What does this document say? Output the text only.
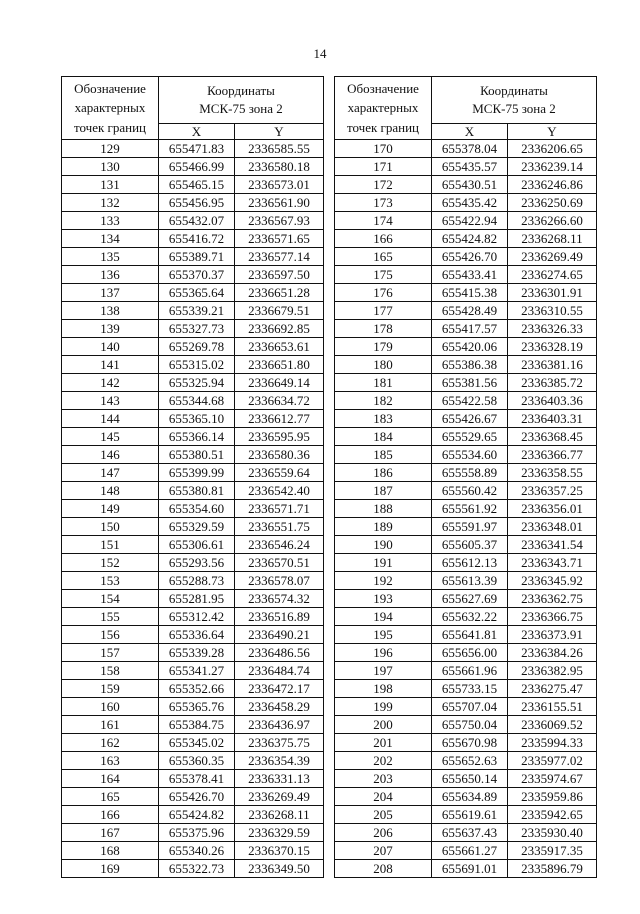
14
Обозначение
характерных
точек границ	Координаты
МСК-75 зона 2	

	X	Y
129	655471.83	2336585.55
130	655466.99	2336580.18
131	655465.15	2336573.01
132	655456.95	2336561.90
133	655432.07	2336567.93
134	655416.72	2336571.65
135	655389.71	2336577.14
136	655370.37	2336597.50
137	655365.64	2336651.28
138	655339.21	2336679.51
139	655327.73	2336692.85
140	655269.78	2336653.61
141	655315.02	2336651.80
142	655325.94	2336649.14
143	655344.68	2336634.72
144	655365.10	2336612.77
145	655366.14	2336595.95
146	655380.51	2336580.36
147	655399.99	2336559.64
148	655380.81	2336542.40
149	655354.60	2336571.71
150	655329.59	2336551.75
151	655306.61	2336546.24
152	655293.56	2336570.51
153	655288.73	2336578.07
154	655281.95	2336574.32
155	655312.42	2336516.89
156	655336.64	2336490.21
157	655339.28	2336486.56
158	655341.27	2336484.74
159	655352.66	2336472.17
160	655365.76	2336458.29
161	655384.75	2336436.97
162	655345.02	2336375.75
163	655360.35	2336354.39
164	655378.41	2336331.13
165	655426.70	2336269.49
166	655424.82	2336268.11
167	655375.96	2336329.59
168	655340.26	2336370.15
169	655322.73	2336349.50
Обозначение
характерных
точек границ	Координаты
МСК-75 зона 2	

	X	Y
170	655378.04	2336206.65
171	655435.57	2336239.14
172	655430.51	2336246.86
173	655435.42	2336250.69
174	655422.94	2336266.60
166	655424.82	2336268.11
165	655426.70	2336269.49
175	655433.41	2336274.65
176	655415.38	2336301.91
177	655428.49	2336310.55
178	655417.57	2336326.33
179	655420.06	2336328.19
180	655386.38	2336381.16
181	655381.56	2336385.72
182	655422.58	2336403.36
183	655426.67	2336403.31
184	655529.65	2336368.45
185	655534.60	2336366.77
186	655558.89	2336358.55
187	655560.42	2336357.25
188	655561.92	2336356.01
189	655591.97	2336348.01
190	655605.37	2336341.54
191	655612.13	2336343.71
192	655613.39	2336345.92
193	655627.69	2336362.75
194	655632.22	2336366.75
195	655641.81	2336373.91
196	655656.00	2336384.26
197	655661.96	2336382.95
198	655733.15	2336275.47
199	655707.04	2336155.51
200	655750.04	2336069.52
201	655670.98	2335994.33
202	655652.63	2335977.02
203	655650.14	2335974.67
204	655634.89	2335959.86
205	655619.61	2335942.65
206	655637.43	2335930.40
207	655661.27	2335917.35
208	655691.01	2335896.79
